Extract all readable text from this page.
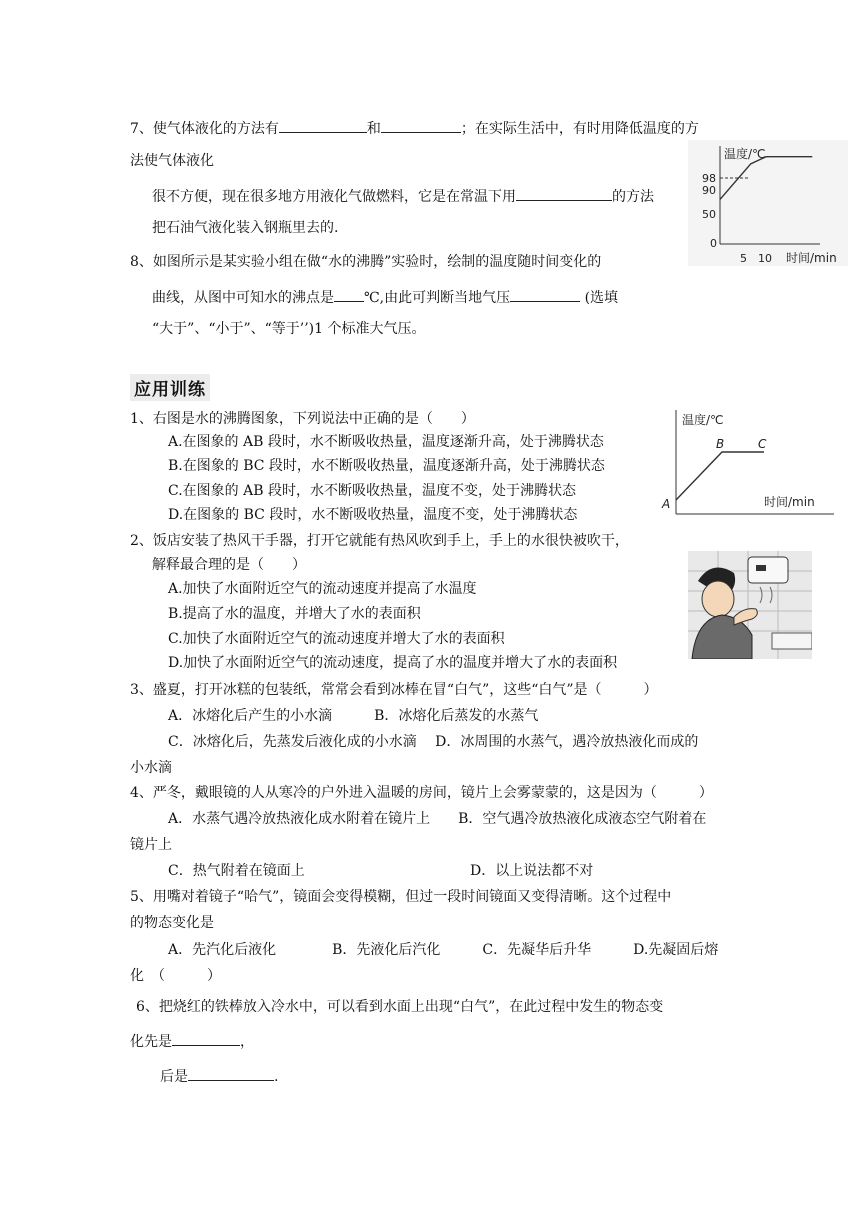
7、使气体液化的方法有	和	；在实际生活中，有时用降低温度的方
法使气体液化
很不方便，现在很多地方用液化气做燃料，它是在常温下用	的方法
把石油气液化装入钢瓶里去的.
8、如图所示是某实验小组在做“水的沸腾”实验时，绘制的温度随时间变化的
曲线，从图中可知水的沸点是 ℃,由此可判断当地气压	(选填
“大于”、“小于”、“等于’’)1 个标准大气压。
温度/℃
时间/min
98
90
50
0
5 10
应用训练
1、右图是水的沸腾图象，下列说法中正确的是（　　）
A.在图象的 AB 段时，水不断吸收热量，温度逐渐升高，处于沸腾状态
B.在图象的 BC 段时，水不断吸收热量，温度逐渐升高，处于沸腾状态
C.在图象的 AB 段时，水不断吸收热量，温度不变，处于沸腾状态
D.在图象的 BC 段时，水不断吸收热量，温度不变，处于沸腾状态
温度/℃
时间/min
A
B	C
2、饭店安装了热风干手器，打开它就能有热风吹到手上，手上的水很快被吹干，
解释最合理的是（　　）
A.加快了水面附近空气的流动速度并提高了水温度
B.提高了水的温度，并增大了水的表面积
C.加快了水面附近空气的流动速度并增大了水的表面积
D.加快了水面附近空气的流动速度，提高了水的温度并增大了水的表面积
3、盛夏，打开冰糕的包装纸，常常会看到冰棒在冒“白气”，这些“白气”是（　　　）
A．冰熔化后产生的小水滴　　　B．冰熔化后蒸发的水蒸气
C．冰熔化后，先蒸发后液化成的小水滴　 D．冰周围的水蒸气，遇冷放热液化而成的
小水滴
4、严冬，戴眼镜的人从寒冷的户外进入温暖的房间，镜片上会雾蒙蒙的，这是因为（　　　）
A．水蒸气遇冷放热液化成水附着在镜片上　　B．空气遇冷放热液化成液态空气附着在
镜片上
C．热气附着在镜面上	D．以上说法都不对
5、用嘴对着镜子“哈气”，镜面会变得模糊，但过一段时间镜面又变得清晰。这个过程中
的物态变化是
A．先汽化后液化　　　　B．先液化后汽化　　　C．先凝华后升华　　　D.先凝固后熔
化　（　　　）
6、把烧红的铁棒放入冷水中，可以看到水面上出现“白气”，在此过程中发生的物态变
化先是	，
后是	.
